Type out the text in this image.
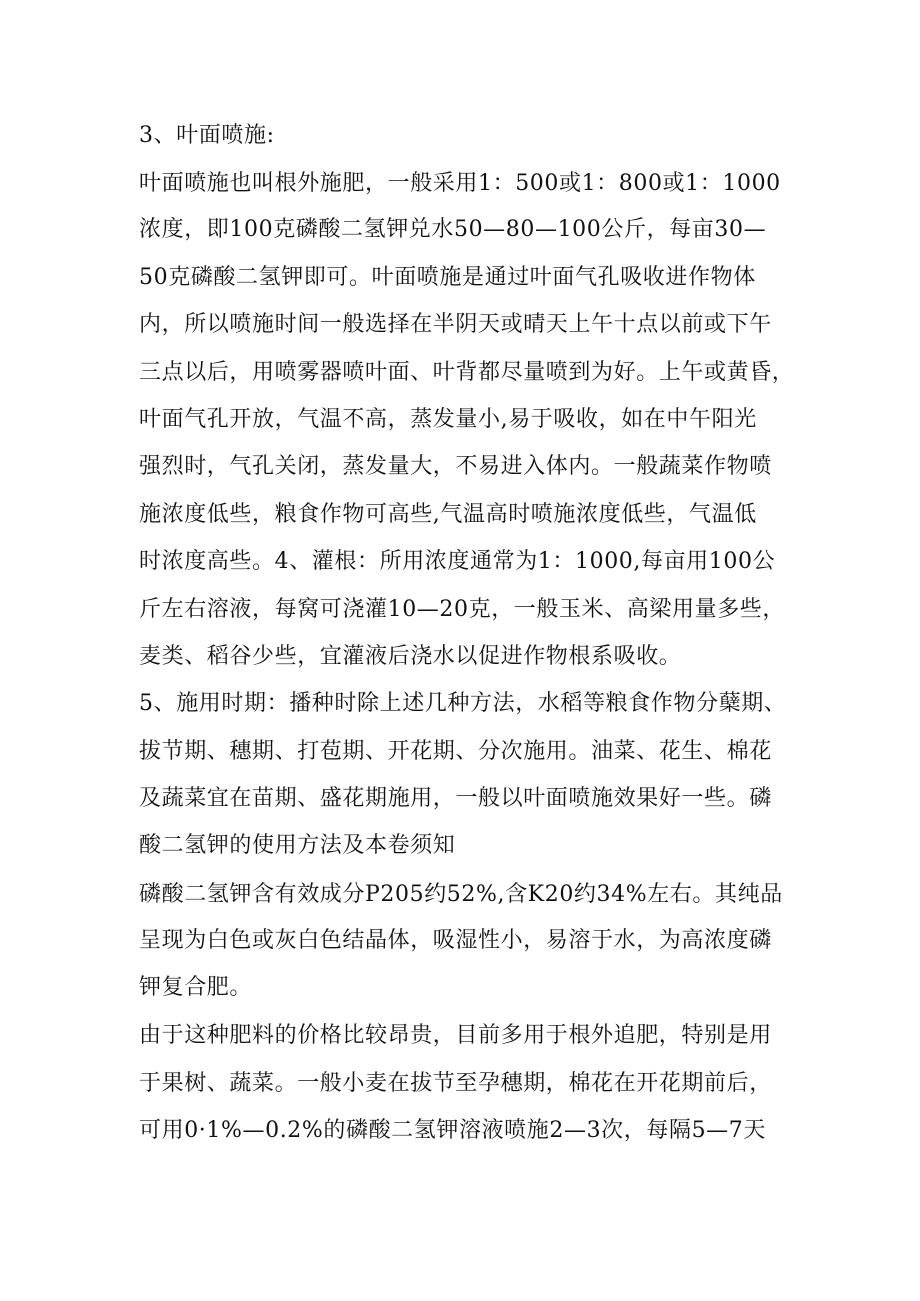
3、叶面喷施:
叶面喷施也叫根外施肥，一般采用1：500或1：800或1：1000
浓度，即100克磷酸二氢钾兑水50—80—100公斤，每亩30—
50克磷酸二氢钾即可。叶面喷施是通过叶面气孔吸收进作物体
内，所以喷施时间一般选择在半阴天或晴天上午十点以前或下午
三点以后，用喷雾器喷叶面、叶背都尽量喷到为好。上午或黄昏，
叶面气孔开放，气温不高，蒸发量小,易于吸收，如在中午阳光
强烈时，气孔关闭，蒸发量大，不易进入体内。一般蔬菜作物喷
施浓度低些，粮食作物可高些,气温高时喷施浓度低些，气温低
时浓度高些。4、灌根：所用浓度通常为1：1000,每亩用100公
斤左右溶液，每窝可浇灌10—20克，一般玉米、高梁用量多些，
麦类、稻谷少些，宜灌液后浇水以促进作物根系吸收。
5、施用时期：播种时除上述几种方法，水稻等粮食作物分蘖期、
拔节期、穗期、打苞期、开花期、分次施用。油菜、花生、棉花
及蔬菜宜在苗期、盛花期施用，一般以叶面喷施效果好一些。磷
酸二氢钾的使用方法及本卷须知
磷酸二氢钾含有效成分P205约52%,含K20约34%左右。其纯品
呈现为白色或灰白色结晶体，吸湿性小，易溶于水，为高浓度磷
钾复合肥。
由于这种肥料的价格比较昂贵，目前多用于根外追肥，特别是用
于果树、蔬菜。一般小麦在拔节至孕穗期，棉花在开花期前后，
可用0·1%—0.2%的磷酸二氢钾溶液喷施2—3次，每隔5—7天
